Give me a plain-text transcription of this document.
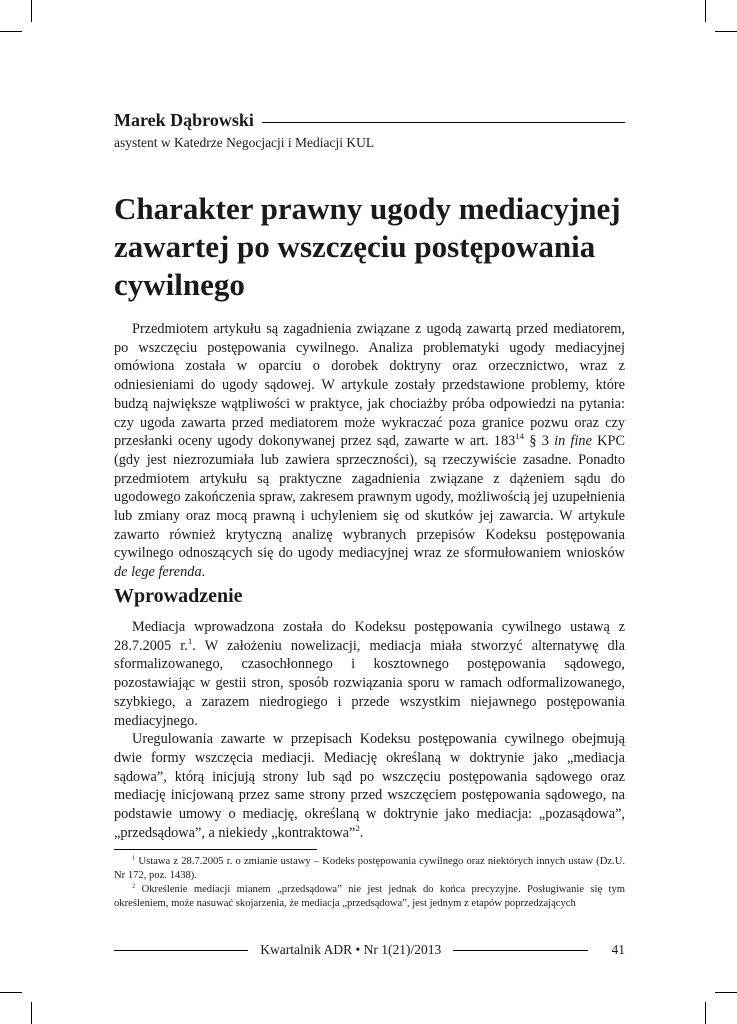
Marek Dąbrowski
asystent w Katedrze Negocjacji i Mediacji KUL
Charakter prawny ugody mediacyjnej zawartej po wszczęciu postępowania cywilnego

Przedmiotem artykułu są zagadnienia związane z ugodą zawartą przed mediatorem, po wszczęciu postępowania cywilnego. Analiza problematyki ugody mediacyjnej omówiona została w oparciu o dorobek doktryny oraz orzecznictwo, wraz z odniesieniami do ugody sądowej. W artykule zostały przedstawione problemy, które budzą największe wątpliwości w praktyce, jak chociażby próba odpowiedzi na pytania: czy ugoda zawarta przed mediatorem może wykraczać poza granice pozwu oraz czy przesłanki oceny ugody dokonywanej przez sąd, zawarte w art. $183^{14}$ § 3 in fine KPC (gdy jest niezrozumiała lub zawiera sprzeczności), są rzeczywiście zasadne. Ponadto przedmiotem artykułu są praktyczne zagadnienia związane z dążeniem sądu do ugodowego zakończenia spraw, zakresem prawnym ugody, możliwością jej uzupełnienia lub zmiany oraz mocą prawną i uchyleniem się od skutków jej zawarcia. W artykule zawarto również krytyczną analizę wybranych przepisów Kodeksu postępowania cywilnego odnoszących się do ugody mediacyjnej wraz ze sformułowaniem wniosków de lege ferenda.

Wprowadzenie

Mediacja wprowadzona została do Kodeksu postępowania cywilnego ustawą z 28.7.2005 r.$^1$. W założeniu nowelizacji, mediacja miała stworzyć alternatywę dla sformalizowanego, czasochłonnego i kosztownego postępowania sądowego, pozostawiając w gestii stron, sposób rozwiązania sporu w ramach odformalizowanego, szybkiego, a zarazem niedrogiego i przede wszystkim niejawnego postępowania mediacyjnego.

Uregulowania zawarte w przepisach Kodeksu postępowania cywilnego obejmują dwie formy wszczęcia mediacji. Mediację określaną w doktrynie jako „mediacja sądowa”, którą inicjują strony lub sąd po wszczęciu postępowania sądowego oraz mediację inicjowaną przez same strony przed wszczęciem postępowania sądowego, na podstawie umowy o mediację, określaną w doktrynie jako mediacja: „pozasądowa”, „przedsądowa”, a niekiedy „kontraktowa”$^2$.

$^1$ Ustawa z 28.7.2005 r. o zmianie ustawy – Kodeks postępowania cywilnego oraz niektórych innych ustaw (Dz.U. Nr 172, poz. 1438).

$^2$ Określenie mediacji mianem „przedsądowa” nie jest jednak do końca precyzyjne. Posługiwanie się tym określeniem, może nasuwać skojarzenia, że mediacja „przedsądowa”, jest jednym z etapów poprzedzających

Kwartalnik ADR • Nr 1(21)/2013	41
